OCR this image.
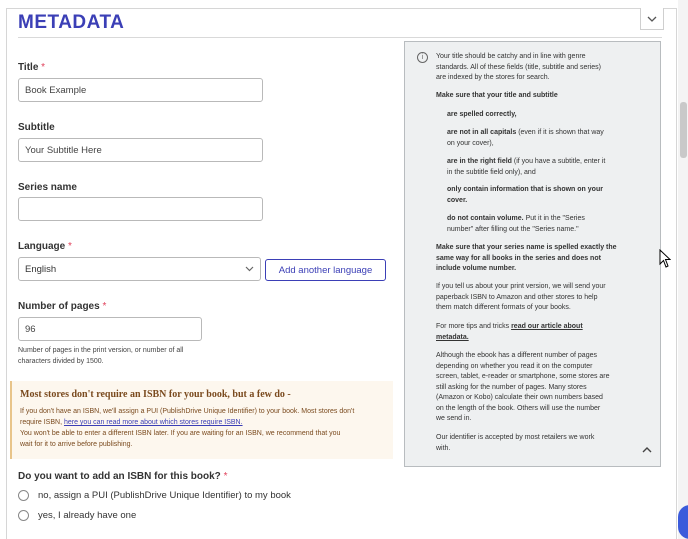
METADATA
Title *
Book Example
Subtitle
Your Subtitle Here
Series name
Language *
English	Add another language
Number of pages *
96
Number of pages in the print version, or number of all
characters divided by 1500.
Most stores don't require an ISBN for your book, but a few do -
If you don't have an ISBN, we'll assign a PUI (PublishDrive Unique Identifier) to your book. Most stores don't
require ISBN, here you can read more about which stores require ISBN.
You won't be able to enter a different ISBN later. If you are waiting for an ISBN, we recommend that you
wait for it to arrive before publishing.
Do you want to add an ISBN for this book? *
no, assign a PUI (PublishDrive Unique Identifier) to my book
yes, I already have one
i	Your title should be catchy and in line with genre
standards. All of these fields (title, subtitle and series)
are indexed by the stores for search.
Make sure that your title and subtitle
are spelled correctly,
are not in all capitals (even if it is shown that way
on your cover),
are in the right field (if you have a subtitle, enter it
in the subtitle field only), and
only contain information that is shown on your
cover.
do not contain volume. Put it in the "Series
number" after filling out the "Series name."
Make sure that your series name is spelled exactly the
same way for all books in the series and does not
include volume number.
If you tell us about your print version, we will send your
paperback ISBN to Amazon and other stores to help
them match different formats of your books.
For more tips and tricks read our article about
metadata.
Although the ebook has a different number of pages
depending on whether you read it on the computer
screen, tablet, e-reader or smartphone, some stores are
still asking for the number of pages. Many stores
(Amazon or Kobo) calculate their own numbers based
on the length of the book. Others will use the number
we send in.
Our identifier is accepted by most retailers we work
with.
